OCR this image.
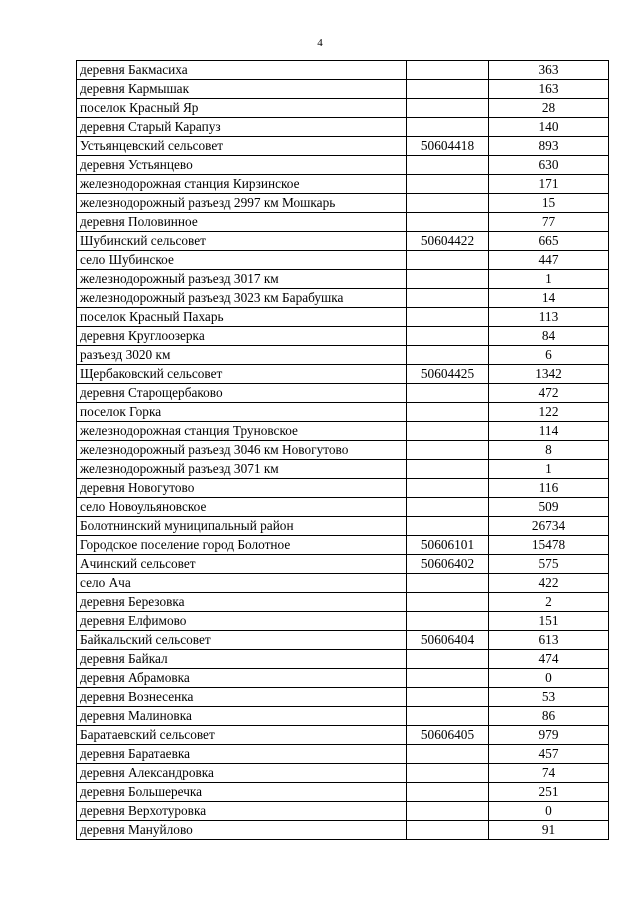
4
деревня Бакмасиха		363
деревня Кармышак		163
поселок Красный Яр		28
деревня Старый Карапуз		140
Устьянцевский сельсовет	50604418	893
деревня Устьянцево		630
железнодорожная станция Кирзинское		171
железнодорожный разъезд 2997 км Мошкарь		15
деревня Половинное		77
Шубинский сельсовет	50604422	665
село Шубинское		447
железнодорожный разъезд 3017 км		1
железнодорожный разъезд 3023 км Барабушка		14
поселок Красный Пахарь		113
деревня Круглоозерка		84
разъезд 3020 км		6
Щербаковский сельсовет	50604425	1342
деревня Старощербаково		472
поселок Горка		122
железнодорожная станция Труновское		114
железнодорожный разъезд 3046 км Новогутово		8
железнодорожный разъезд 3071 км		1
деревня Новогутово		116
село Новоульяновское		509
Болотнинский муниципальный район		26734
Городское поселение город Болотное	50606101	15478
Ачинский сельсовет	50606402	575
село Ача		422
деревня Березовка		2
деревня Елфимово		151
Байкальский сельсовет	50606404	613
деревня Байкал		474
деревня Абрамовка		0
деревня Вознесенка		53
деревня Малиновка		86
Баратаевский сельсовет	50606405	979
деревня Баратаевка		457
деревня Александровка		74
деревня Большеречка		251
деревня Верхотуровка		0
деревня Мануйлово		91
